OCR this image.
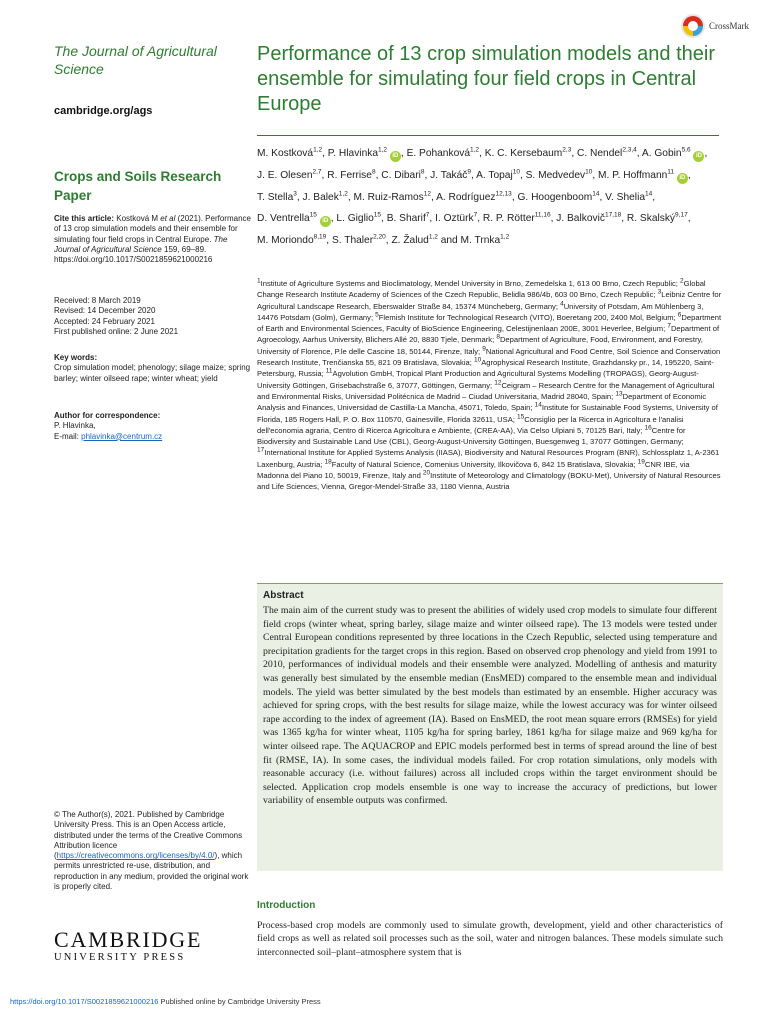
CrossMark
The Journal of Agricultural
Science
cambridge.org/ags
Crops and Soils Research Paper
Cite this article: Kostková M et al (2021). Performance of 13 crop simulation models and their ensemble for simulating four field crops in Central Europe. The Journal of Agricultural Science 159, 69–89. https://doi.org/10.1017/S0021859621000216
Received: 8 March 2019
Revised: 14 December 2020
Accepted: 24 February 2021
First published online: 2 June 2021
Key words:
Crop simulation model; phenology; silage maize; spring barley; winter oilseed rape; winter wheat; yield
Author for correspondence:
P. Hlavinka,
E-mail: phlavinka@centrum.cz
© The Author(s), 2021. Published by Cambridge University Press. This is an Open Access article, distributed under the terms of the Creative Commons Attribution licence (https://creativecommons.org/licenses/by/4.0/), which permits unrestricted re-use, distribution, and reproduction in any medium, provided the original work is properly cited.
CAMBRIDGE
UNIVERSITY PRESS
https://doi.org/10.1017/S0021859621000216 Published online by Cambridge University Press
Performance of 13 crop simulation models and their ensemble for simulating four field crops in Central Europe
M. Kostková$^{1,2}$, P. Hlavinka$^{1,2}$ iD , E. Pohanková$^{1,2}$, K. C. Kersebaum$^{2,3}$, C. Nendel$^{2,3,4}$, A. Gobin$^{5,6}$ iD , J. E. Olesen$^{2,7}$, R. Ferrise$^8$, C. Dibari$^8$, J. Takáč$^9$, A. Topaj$^{10}$, S. Medvedev$^{10}$, M. P. Hoffmann$^{11}$ iD , T. Stella$^3$, J. Balek$^{1,2}$, M. Ruiz-Ramos$^{12}$, A. Rodríguez$^{12,13}$, G. Hoogenboom$^{14}$, V. Shelia$^{14}$, D. Ventrella$^{15}$ iD , L. Giglio$^{15}$, B. Sharif$^7$, I. Oztürk$^7$, R. P. Rötter$^{11,16}$, J. Balkovič$^{17,18}$, R. Skalský$^{9,17}$, M. Moriondo$^{8,19}$, S. Thaler$^{2,20}$, Z. Žalud$^{1,2}$ and M. Trnka$^{1,2}$
$^1$Institute of Agriculture Systems and Bioclimatology, Mendel University in Brno, Zemedelska 1, 613 00 Brno, Czech Republic; $^2$Global Change Research Institute Academy of Sciences of the Czech Republic, Belidla 986/4b, 603 00 Brno, Czech Republic; $^3$Leibniz Centre for Agricultural Landscape Research, Eberswalder Straße 84, 15374 Müncheberg, Germany; $^4$University of Potsdam, Am Mühlenberg 3, 14476 Potsdam (Golm), Germany; $^5$Flemish Institute for Technological Research (VITO), Boeretang 200, 2400 Mol, Belgium; $^6$Department of Earth and Environmental Sciences, Faculty of BioScience Engineering, Celestijnenlaan 200E, 3001 Heverlee, Belgium; $^7$Department of Agroecology, Aarhus University, Blichers Allé 20, 8830 Tjele, Denmark; $^8$Department of Agriculture, Food, Environment, and Forestry, University of Florence, P.le delle Cascine 18, 50144, Firenze, Italy; $^9$National Agricultural and Food Centre, Soil Science and Conservation Research Institute, Trenčianska 55, 821 09 Bratislava, Slovakia; $^{10}$Agrophysical Research Institute, Grazhdansky pr., 14, 195220, Saint-Petersburg, Russia; $^{11}$Agvolution GmbH, Tropical Plant Production and Agricultural Systems Modelling (TROPAGS), Georg-August-University Göttingen, Grisebachstraße 6, 37077, Göttingen, Germany; $^{12}$Ceigram – Research Centre for the Management of Agricultural and Environmental Risks, Universidad Politécnica de Madrid – Ciudad Universitaria, Madrid 28040, Spain; $^{13}$Department of Economic Analysis and Finances, Universidad de Castilla-La Mancha, 45071, Toledo, Spain; $^{14}$Institute for Sustainable Food Systems, University of Florida, 185 Rogers Hall, P. O. Box 110570, Gainesville, Florida 32611, USA; $^{15}$Consiglio per la Ricerca in Agricoltura e l'analisi dell'economia agraria, Centro di Ricerca Agricoltura e Ambiente, (CREA-AA), Via Celso Ulpiani 5, 70125 Bari, Italy; $^{16}$Centre for Biodiversity and Sustainable Land Use (CBL), Georg-August-University Göttingen, Buesgenweg 1, 37077 Göttingen, Germany; $^{17}$International Institute for Applied Systems Analysis (IIASA), Biodiversity and Natural Resources Program (BNR), Schlossplatz 1, A-2361 Laxenburg, Austria; $^{18}$Faculty of Natural Science, Comenius University, Ilkovičova 6, 842 15 Bratislava, Slovakia; $^{19}$CNR IBE, via Madonna del Piano 10, 50019, Firenze, Italy and $^{20}$Institute of Meteorology and Climatology (BOKU-Met), University of Natural Resources and Life Sciences, Vienna, Gregor-Mendel-Straße 33, 1180 Vienna, Austria
Abstract
The main aim of the current study was to present the abilities of widely used crop models to simulate four different field crops (winter wheat, spring barley, silage maize and winter oilseed rape). The 13 models were tested under Central European conditions represented by three locations in the Czech Republic, selected using temperature and precipitation gradients for the target crops in this region. Based on observed crop phenology and yield from 1991 to 2010, performances of individual models and their ensemble were analyzed. Modelling of anthesis and maturity was generally best simulated by the ensemble median (EnsMED) compared to the ensemble mean and individual models. The yield was better simulated by the best models than estimated by an ensemble. Higher accuracy was achieved for spring crops, with the best results for silage maize, while the lowest accuracy was for winter oilseed rape according to the index of agreement (IA). Based on EnsMED, the root mean square errors (RMSEs) for yield was 1365 kg/ha for winter wheat, 1105 kg/ha for spring barley, 1861 kg/ha for silage maize and 969 kg/ha for winter oilseed rape. The AQUACROP and EPIC models performed best in terms of spread around the line of best fit (RMSE, IA). In some cases, the individual models failed. For crop rotation simulations, only models with reasonable accuracy (i.e. without failures) across all included crops within the target environment should be selected. Application crop models ensemble is one way to increase the accuracy of predictions, but lower variability of ensemble outputs was confirmed.
Introduction
Process-based crop models are commonly used to simulate growth, development, yield and other characteristics of field crops as well as related soil processes such as the soil, water and nitrogen balances. These models simulate such interconnected soil–plant–atmosphere system that is
